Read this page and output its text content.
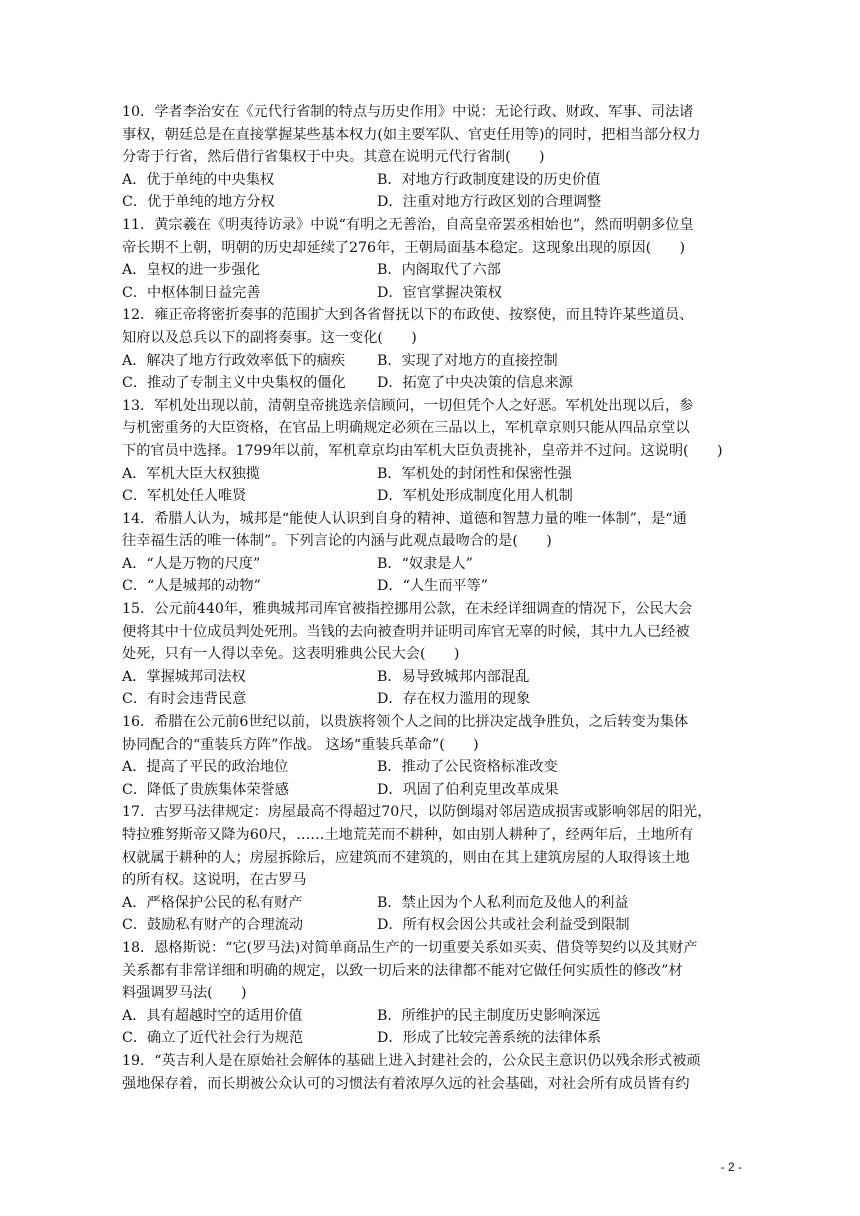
10．学者李治安在《元代行省制的特点与历史作用》中说：无论行政、财政、军事、司法诸
事权，朝廷总是在直接掌握某些基本权力(如主要军队、官吏任用等)的同时，把相当部分权力
分寄于行省，然后借行省集权于中央。其意在说明元代行省制(　　)
A．优于单纯的中央集权	B．对地方行政制度建设的历史价值
C．优于单纯的地方分权	D．注重对地方行政区划的合理调整
11．黄宗羲在《明夷待访录》中说“有明之无善治，自高皇帝罢丞相始也”，然而明朝多位皇
帝长期不上朝，明朝的历史却延续了276年，王朝局面基本稳定。这现象出现的原因(　　)
A．皇权的进一步强化	B．内阁取代了六部
C．中枢体制日益完善	D．宦官掌握决策权
12．雍正帝将密折奏事的范围扩大到各省督抚以下的布政使、按察使，而且特许某些道员、
知府以及总兵以下的副将奏事。这一变化(　　)
A．解决了地方行政效率低下的痼疾	B．实现了对地方的直接控制
C．推动了专制主义中央集权的僵化	D．拓宽了中央决策的信息来源
13．军机处出现以前，清朝皇帝挑选亲信顾问，一切但凭个人之好恶。军机处出现以后，参
与机密重务的大臣资格，在官品上明确规定必须在三品以上，军机章京则只能从四品京堂以
下的官员中选择。1799年以前，军机章京均由军机大臣负责挑补，皇帝并不过问。这说明(　　)
A．军机大臣大权独揽	B．军机处的封闭性和保密性强
C．军机处任人唯贤	D．军机处形成制度化用人机制
14．希腊人认为，城邦是“能使人认识到自身的精神、道德和智慧力量的唯一体制”，是“通
往幸福生活的唯一体制”。下列言论的内涵与此观点最吻合的是(　　)
A．“人是万物的尺度”	B．“奴隶是人”
C．“人是城邦的动物”	D．“人生而平等”
15．公元前440年，雅典城邦司库官被指控挪用公款，在未经详细调查的情况下，公民大会
便将其中十位成员判处死刑。当钱的去向被查明并证明司库官无辜的时候，其中九人已经被
处死，只有一人得以幸免。这表明雅典公民大会(　　)
A．掌握城邦司法权	B．易导致城邦内部混乱
C．有时会违背民意	D．存在权力滥用的现象
16．希腊在公元前6世纪以前，以贵族将领个人之间的比拼决定战争胜负，之后转变为集体
协同配合的“重装兵方阵”作战。 这场“重装兵革命”(　　)
A．提高了平民的政治地位	B．推动了公民资格标准改变
C．降低了贵族集体荣誉感	D．巩固了伯利克里改革成果
17．古罗马法律规定：房屋最高不得超过70尺，以防倒塌对邻居造成损害或影响邻居的阳光，
特拉雅努斯帝又降为60尺，……土地荒芜而不耕种，如由别人耕种了，经两年后，土地所有
权就属于耕种的人；房屋拆除后，应建筑而不建筑的，则由在其上建筑房屋的人取得该土地
的所有权。这说明，在古罗马
A．严格保护公民的私有财产	B．禁止因为个人私利而危及他人的利益
C．鼓励私有财产的合理流动	D．所有权会因公共或社会利益受到限制
18．恩格斯说：“它(罗马法)对简单商品生产的一切重要关系如买卖、借贷等契约以及其财产
关系都有非常详细和明确的规定，以致一切后来的法律都不能对它做任何实质性的修改”材
料强调罗马法(　　)
A．具有超越时空的适用价值	B．所维护的民主制度历史影响深远
C．确立了近代社会行为规范	D．形成了比较完善系统的法律体系
19．“英吉利人是在原始社会解体的基础上进入封建社会的，公众民主意识仍以残余形式被顽
强地保存着，而长期被公众认可的习惯法有着浓厚久远的社会基础，对社会所有成员皆有约
- 2 -
